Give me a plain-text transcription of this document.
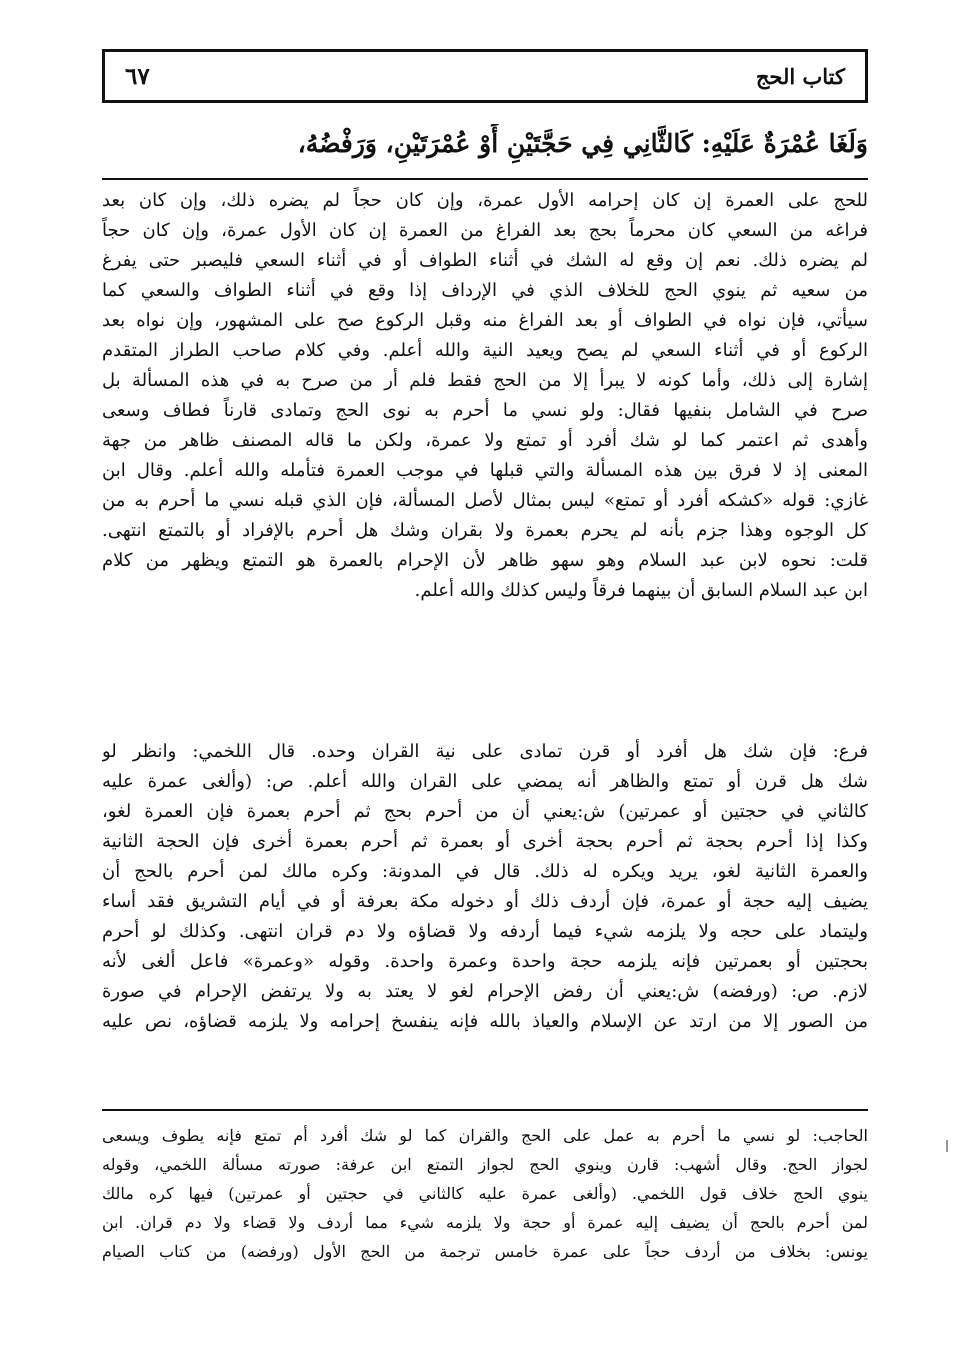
كتاب الحج
٦٧
وَلَغَا عُمْرَةٌ عَلَيْهِ: كَالثَّانِي فِي حَجَّتَيْنِ أَوْ عُمْرَتَيْنِ، وَرَفْضُهُ،
للحج على العمرة إن كان إحرامه الأول عمرة، وإن كان حجاً لم يضره ذلك، وإن كان بعد
فراغه من السعي كان محرماً بحج بعد الفراغ من العمرة إن كان الأول عمرة، وإن كان حجاً
لم يضره ذلك. نعم إن وقع له الشك في أثناء الطواف أو في أثناء السعي فليصبر حتى يفرغ
من سعيه ثم ينوي الحج للخلاف الذي في الإرداف إذا وقع في أثناء الطواف والسعي كما
سيأتي، فإن نواه في الطواف أو بعد الفراغ منه وقبل الركوع صح على المشهور، وإن نواه بعد
الركوع أو في أثناء السعي لم يصح ويعيد النية والله أعلم. وفي كلام صاحب الطراز المتقدم
إشارة إلى ذلك، وأما كونه لا يبرأ إلا من الحج فقط فلم أر من صرح به في هذه المسألة بل
صرح في الشامل بنفيها فقال: ولو نسي ما أحرم به نوى الحج وتمادى قارناً فطاف وسعى
وأهدى ثم اعتمر كما لو شك أفرد أو تمتع ولا عمرة، ولكن ما قاله المصنف ظاهر من جهة
المعنى إذ لا فرق بين هذه المسألة والتي قبلها في موجب العمرة فتأمله والله أعلم. وقال ابن
غازي: قوله «كشكه أفرد أو تمتع» ليس بمثال لأصل المسألة، فإن الذي قبله نسي ما أحرم به من
كل الوجوه وهذا جزم بأنه لم يحرم بعمرة ولا بقران وشك هل أحرم بالإفراد أو بالتمتع انتهى.
قلت: نحوه لابن عبد السلام وهو سهو ظاهر لأن الإحرام بالعمرة هو التمتع ويظهر من كلام
ابن عبد السلام السابق أن بينهما فرقاً وليس كذلك والله أعلم.
فرع: فإن شك هل أفرد أو قرن تمادى على نية القران وحده. قال اللخمي: وانظر لو
شك هل قرن أو تمتع والظاهر أنه يمضي على القران والله أعلم. ص: (وألغى عمرة عليه
كالثاني في حجتين أو عمرتين) ش:يعني أن من أحرم بحج ثم أحرم بعمرة فإن العمرة لغو،
وكذا إذا أحرم بحجة ثم أحرم بحجة أخرى أو بعمرة ثم أحرم بعمرة أخرى فإن الحجة الثانية
والعمرة الثانية لغو، يريد ويكره له ذلك. قال في المدونة: وكره مالك لمن أحرم بالحج أن
يضيف إليه حجة أو عمرة، فإن أردف ذلك أو دخوله مكة بعرفة أو في أيام التشريق فقد أساء
وليتماد على حجه ولا يلزمه شيء فيما أردفه ولا قضاؤه ولا دم قران انتهى. وكذلك لو أحرم
بحجتين أو بعمرتين فإنه يلزمه حجة واحدة وعمرة واحدة. وقوله «وعمرة» فاعل ألغى لأنه
لازم. ص: (ورفضه) ش:يعني أن رفض الإحرام لغو لا يعتد به ولا يرتفض الإحرام في صورة
من الصور إلا من ارتد عن الإسلام والعياذ بالله فإنه ينفسخ إحرامه ولا يلزمه قضاؤه، نص عليه
الحاجب: لو نسي ما أحرم به عمل على الحج والقران كما لو شك أفرد أم تمتع فإنه يطوف ويسعى
لجواز الحج. وقال أشهب: قارن وينوي الحج لجواز التمتع ابن عرفة: صورته مسألة اللخمي، وقوله
ينوي الحج خلاف قول اللخمي. (وألغى عمرة عليه كالثاني في حجتين أو عمرتين) فيها كره مالك
لمن أحرم بالحج أن يضيف إليه عمرة أو حجة ولا يلزمه شيء مما أردف ولا قضاء ولا دم قران. ابن
يونس: بخلاف من أردف حجاً على عمرة خامس ترجمة من الحج الأول (ورفضه) من كتاب الصيام
